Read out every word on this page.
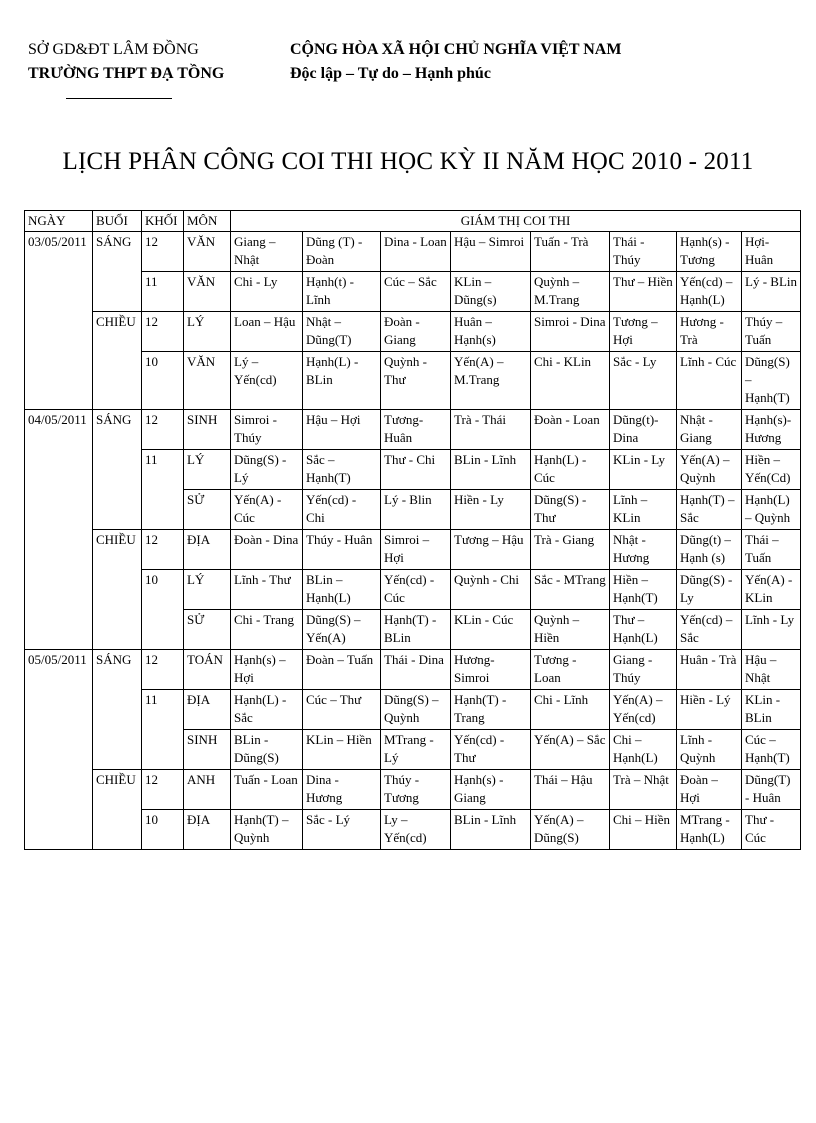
SỞ GD&ĐT LÂM ĐỒNG
TRƯỜNG THPT ĐẠ TỒNG
CỘNG HÒA XÃ HỘI CHỦ NGHĨA VIỆT NAM
Độc lập – Tự do – Hạnh phúc
LỊCH PHÂN CÔNG COI THI HỌC KỲ II NĂM HỌC 2010 - 2011
NGÀY	BUỔI	KHỐI	MÔN	GIÁM THỊ COI THI							
03/05/2011	SÁNG	12	VĂN	Giang – Nhật	Dũng (T) - Đoàn	Dina - Loan	Hậu – Simroi	Tuấn - Trà	Thái - Thúy	Hạnh(s) - Tương	Hợi- Huân
		11	VĂN	Chi - Ly	Hạnh(t) - Lĩnh	Cúc – Sắc	KLin – Dũng(s)	Quỳnh – M.Trang	Thư – Hiền	Yến(cd) – Hạnh(L)	Lý - BLin
	CHIỀU	12	LÝ	Loan – Hậu	Nhật – Dũng(T)	Đoàn - Giang	Huân – Hạnh(s)	Simroi - Dina	Tương – Hợi	Hương - Trà	Thúy – Tuấn
		10	VĂN	Lý – Yến(cd)	Hạnh(L) - BLin	Quỳnh - Thư	Yến(A) – M.Trang	Chi - KLin	Sắc - Ly	Lĩnh - Cúc	Dũng(S) – Hạnh(T)
04/05/2011	SÁNG	12	SINH	Simroi - Thúy	Hậu – Hợi	Tương- Huân	Trà - Thái	Đoàn - Loan	Dũng(t)- Dina	Nhật - Giang	Hạnh(s)- Hương
		11	LÝ	Dũng(S) - Lý	Sắc – Hạnh(T)	Thư - Chi	BLin - Lĩnh	Hạnh(L) - Cúc	KLin - Ly	Yến(A) – Quỳnh	Hiền – Yến(Cd)
			SỬ	Yến(A) - Cúc	Yến(cd) - Chi	Lý - Blin	Hiền - Ly	Dũng(S) - Thư	Lĩnh – KLin	Hạnh(T) – Sắc	Hạnh(L) – Quỳnh
	CHIỀU	12	ĐỊA	Đoàn - Dina	Thúy - Huân	Simroi – Hợi	Tương – Hậu	Trà - Giang	Nhật - Hương	Dũng(t) – Hạnh (s)	Thái – Tuấn
		10	LÝ	Lĩnh - Thư	BLin – Hạnh(L)	Yến(cd) - Cúc	Quỳnh - Chi	Sắc - MTrang	Hiền – Hạnh(T)	Dũng(S) - Ly	Yến(A) - KLin
			SỬ	Chi - Trang	Dũng(S) – Yến(A)	Hạnh(T) - BLin	KLin - Cúc	Quỳnh – Hiền	Thư – Hạnh(L)	Yến(cd) – Sắc	Lĩnh - Ly
05/05/2011	SÁNG	12	TOÁN	Hạnh(s) – Hợi	Đoàn – Tuấn	Thái - Dina	Hương- Simroi	Tương - Loan	Giang - Thúy	Huân - Trà	Hậu – Nhật
		11	ĐỊA	Hạnh(L) - Sắc	Cúc – Thư	Dũng(S) – Quỳnh	Hạnh(T) - Trang	Chi - Lĩnh	Yến(A) – Yến(cd)	Hiền - Lý	KLin - BLin
			SINH	BLin - Dũng(S)	KLin – Hiền	MTrang - Lý	Yến(cd) - Thư	Yến(A) – Sắc	Chi – Hạnh(L)	Lĩnh - Quỳnh	Cúc – Hạnh(T)
	CHIỀU	12	ANH	Tuấn - Loan	Dina - Hương	Thúy - Tương	Hạnh(s) - Giang	Thái – Hậu	Trà – Nhật	Đoàn – Hợi	Dũng(T) - Huân
		10	ĐỊA	Hạnh(T) – Quỳnh	Sắc - Lý	Ly – Yến(cd)	BLin - Lĩnh	Yến(A) – Dũng(S)	Chi – Hiền	MTrang - Hạnh(L)	Thư - Cúc
